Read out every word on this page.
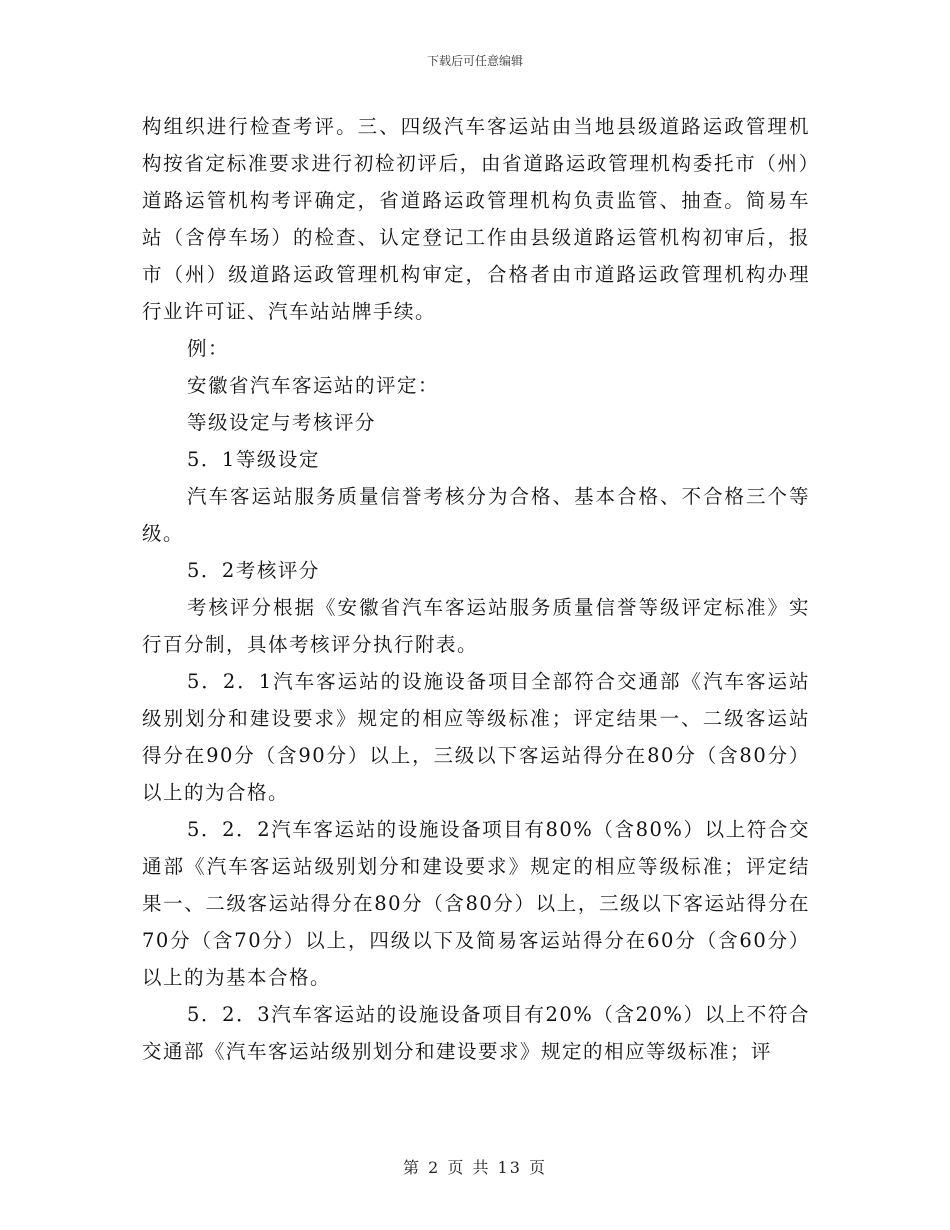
下载后可任意编辑

构组织进行检查考评。三、四级汽车客运站由当地县级道路运政管理机构按省定标准要求进行初检初评后，由省道路运政管理机构委托市（州）道路运管机构考评确定，省道路运政管理机构负责监管、抽查。简易车站（含停车场）的检查、认定登记工作由县级道路运管机构初审后，报市（州）级道路运政管理机构审定，合格者由市道路运政管理机构办理行业许可证、汽车站站牌手续。

例：

安徽省汽车客运站的评定：

等级设定与考核评分

5．1等级设定

汽车客运站服务质量信誉考核分为合格、基本合格、不合格三个等级。

5．2考核评分

考核评分根据《安徽省汽车客运站服务质量信誉等级评定标准》实行百分制，具体考核评分执行附表。

5．2．1汽车客运站的设施设备项目全部符合交通部《汽车客运站级别划分和建设要求》规定的相应等级标准；评定结果一、二级客运站得分在90分（含90分）以上，三级以下客运站得分在80分（含80分）以上的为合格。

5．2．2汽车客运站的设施设备项目有80%（含80%）以上符合交通部《汽车客运站级别划分和建设要求》规定的相应等级标准；评定结果一、二级客运站得分在80分（含80分）以上，三级以下客运站得分在70分（含70分）以上，四级以下及简易客运站得分在60分（含60分）以上的为基本合格。

5．2．3汽车客运站的设施设备项目有20%（含20%）以上不符合交通部《汽车客运站级别划分和建设要求》规定的相应等级标准；评

第 2 页 共 13 页
